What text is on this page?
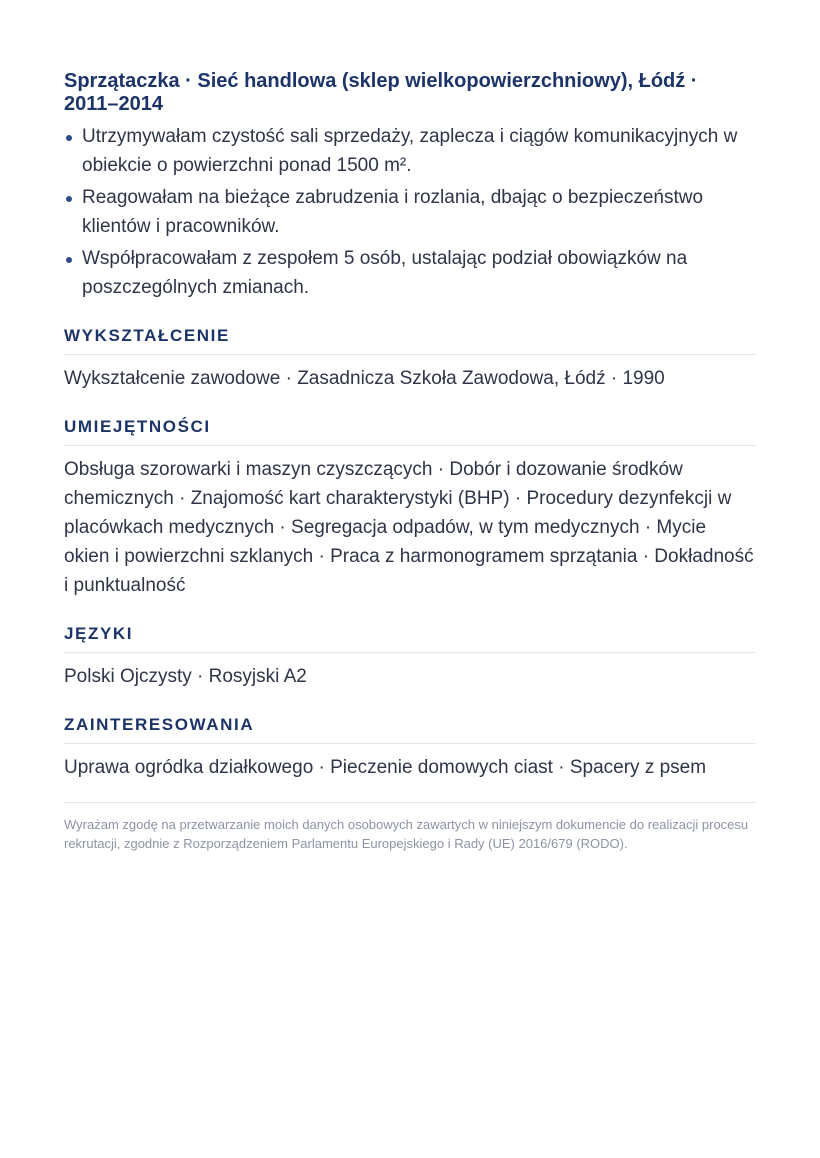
Sprzątaczka · Sieć handlowa (sklep wielkopowierzchniowy), Łódź · 2011–2014
Utrzymywałam czystość sali sprzedaży, zaplecza i ciągów komunikacyjnych w obiekcie o powierzchni ponad 1500 m².
Reagowałam na bieżące zabrudzenia i rozlania, dbając o bezpieczeństwo klientów i pracowników.
Współpracowałam z zespołem 5 osób, ustalając podział obowiązków na poszczególnych zmianach.
WYKSZTAŁCENIE
Wykształcenie zawodowe · Zasadnicza Szkoła Zawodowa, Łódź · 1990
UMIEJĘTNOŚCI
Obsługa szorowarki i maszyn czyszczących · Dobór i dozowanie środków chemicznych · Znajomość kart charakterystyki (BHP) · Procedury dezynfekcji w placówkach medycznych · Segregacja odpadów, w tym medycznych · Mycie okien i powierzchni szklanych · Praca z harmonogramem sprzątania · Dokładność i punktualność
JĘZYKI
Polski Ojczysty · Rosyjski A2
ZAINTERESOWANIA
Uprawa ogródka działkowego · Pieczenie domowych ciast · Spacery z psem
Wyrażam zgodę na przetwarzanie moich danych osobowych zawartych w niniejszym dokumencie do realizacji procesu rekrutacji, zgodnie z Rozporządzeniem Parlamentu Europejskiego i Rady (UE) 2016/679 (RODO).
